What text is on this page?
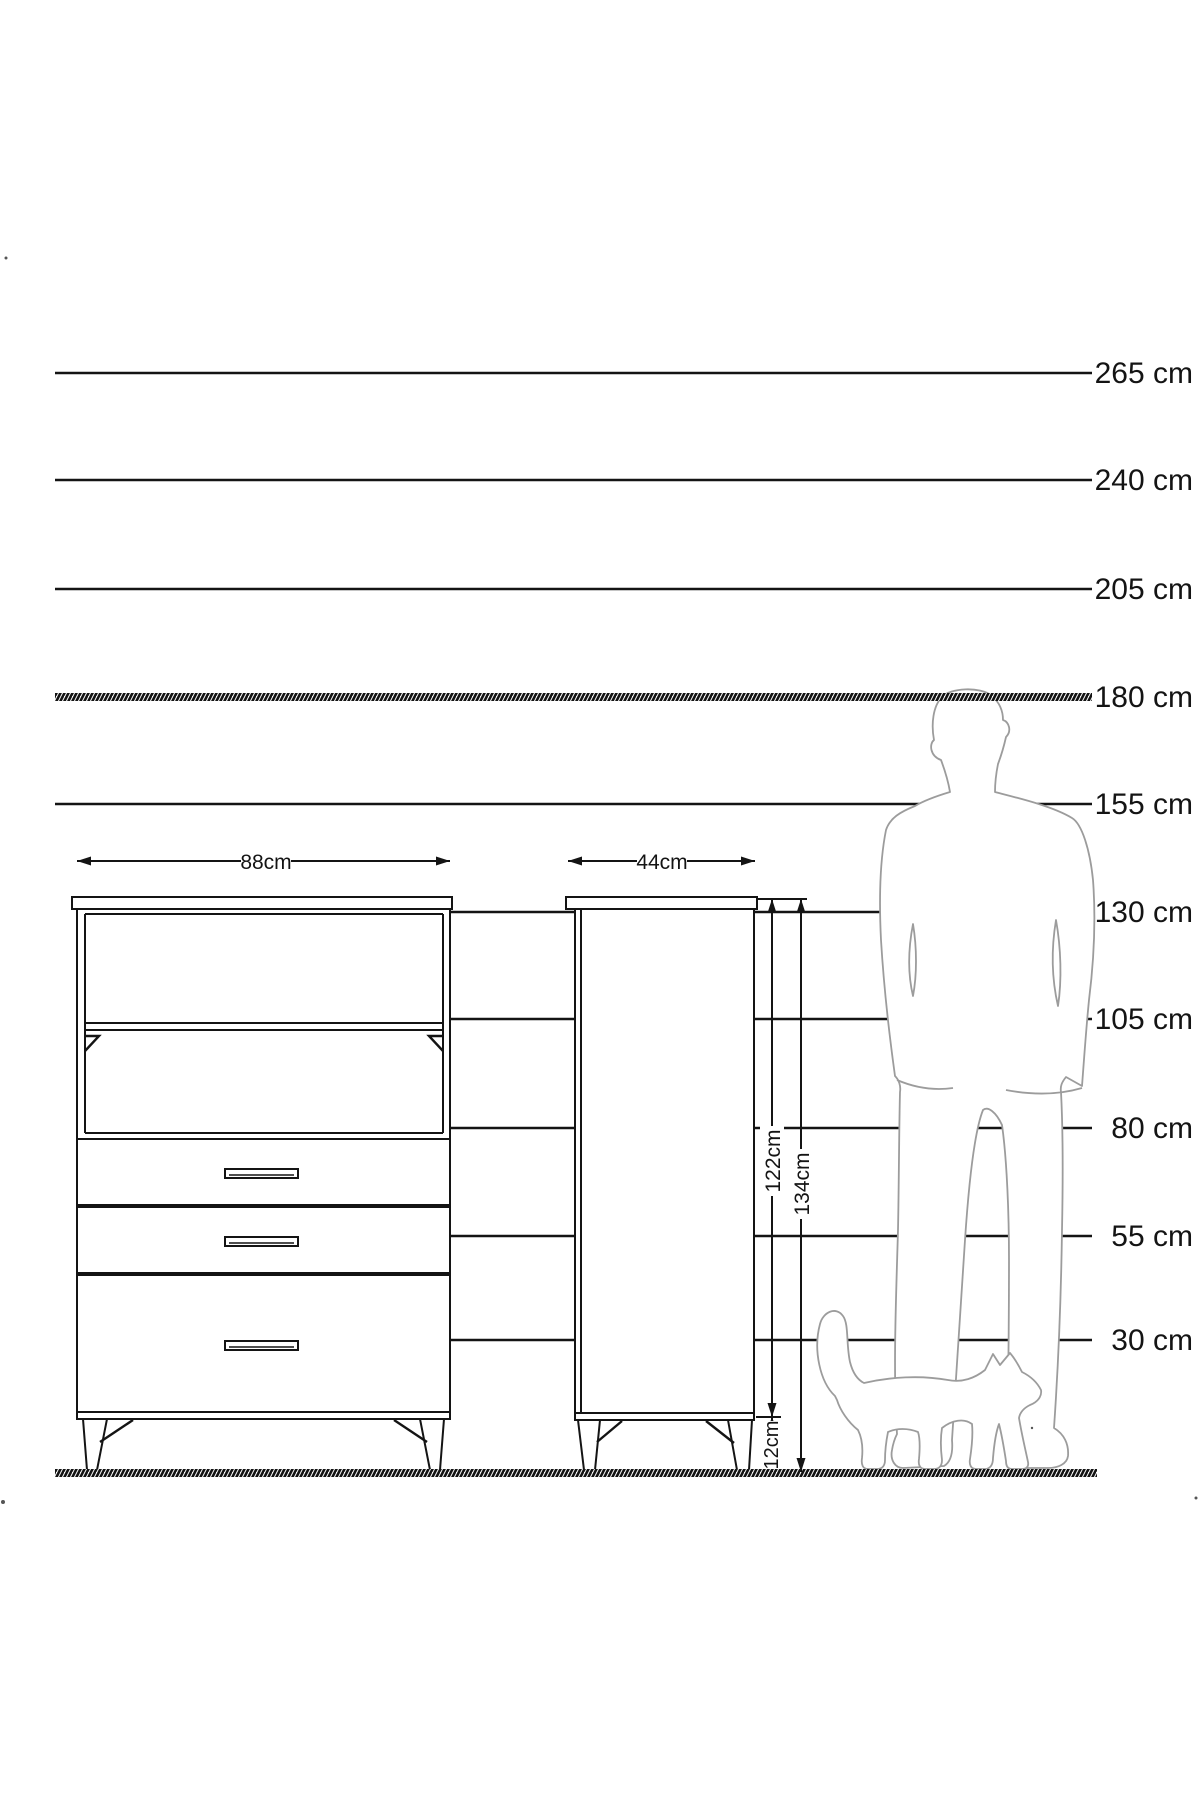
88cm	44cm
122cm 134cm
12cm
265 cm
240 cm
205 cm
180 cm
155 cm
130 cm
105 cm
80 cm
55 cm
30 cm
